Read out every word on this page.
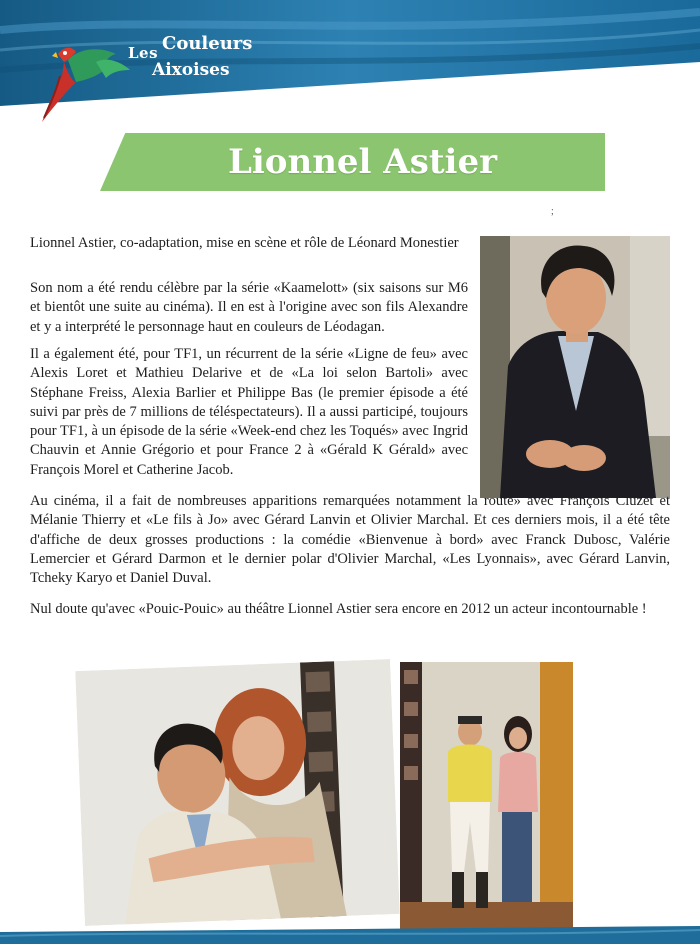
Les Couleurs
Aixoises
Lionnel Astier
;

Lionnel Astier, co-adaptation, mise en scène et rôle de Léonard Monestier

Son nom a été rendu célèbre par la série «Kaamelott» (six saisons sur M6 et bientôt une suite au cinéma). Il en est à l'origine avec son fils Alexandre et y a interprété le personnage haut en couleurs de Léodagan.

Il a également été, pour TF1, un récurrent de la série «Ligne de feu» avec Alexis Loret et Mathieu Delarive et de «La loi selon Bartoli» avec Stéphane Freiss, Alexia Barlier et Philippe Bas (le premier épisode a été suivi par près de 7 millions de téléspectateurs). Il a aussi participé, toujours pour TF1, à un épisode de la série «Week-end chez les Toqués» avec Ingrid Chauvin et Annie Grégorio et pour France 2 à «Gérald K Gérald» avec François Morel et Catherine Jacob.

Au cinéma, il a fait de nombreuses apparitions remarquées notamment la route» avec François Cluzet et Mélanie Thierry et «Le fils à Jo» avec Gérard Lanvin et Olivier Marchal. Et ces derniers mois, il a été tête d'affiche de deux grosses productions : la comédie «Bienvenue à bord» avec Franck Dubosc, Valérie Lemercier et Gérard Darmon et le dernier polar d'Olivier Marchal, «Les Lyonnais», avec Gérard Lanvin, Tcheky Karyo et Daniel Duval.

Nul doute qu'avec «Pouic-Pouic» au théâtre Lionnel Astier sera encore en 2012 un acteur incontournable !
